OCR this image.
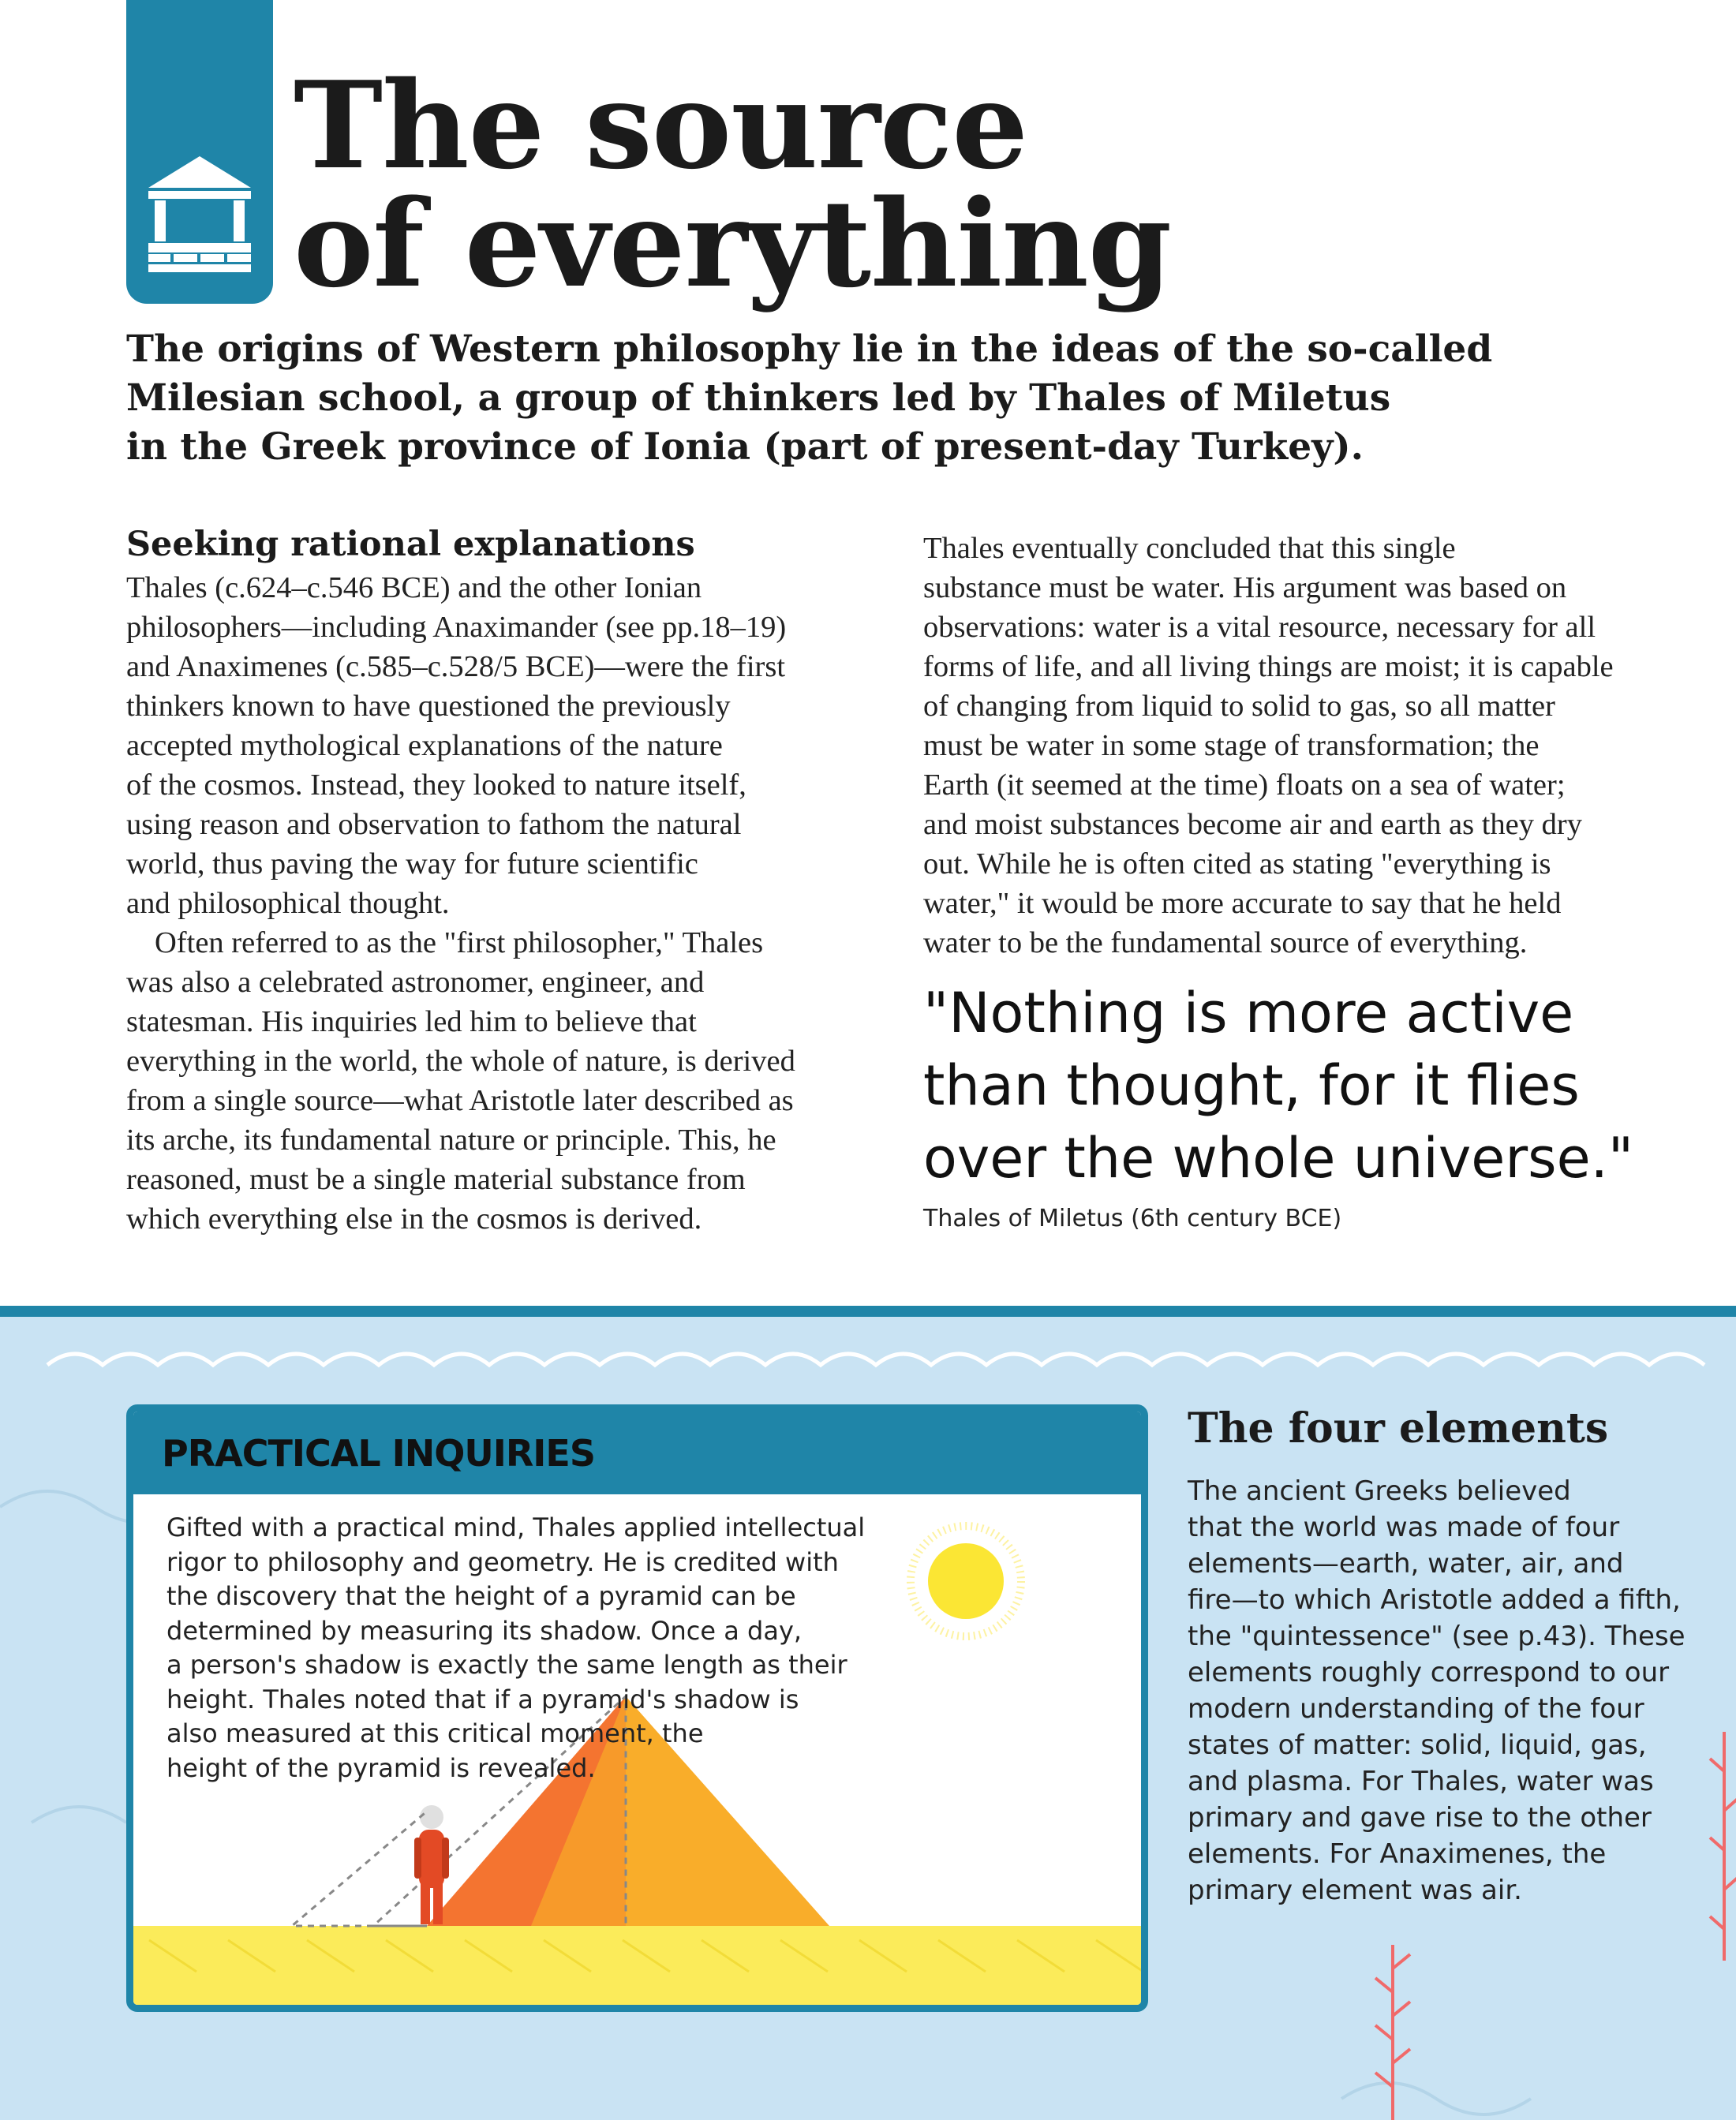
The source
of everything

The origins of Western philosophy lie in the ideas of the so-called
Milesian school, a group of thinkers led by Thales of Miletus
in the Greek province of Ionia (part of present-day Turkey).

Seeking rational explanations
Thales (c.624–c.546 BCE) and the other Ionian
philosophers—including Anaximander (see pp.18–19)
and Anaximenes (c.585–c.528/5 BCE)—were the first
thinkers known to have questioned the previously
accepted mythological explanations of the nature
of the cosmos. Instead, they looked to nature itself,
using reason and observation to fathom the natural
world, thus paving the way for future scientific
and philosophical thought.
Often referred to as the "first philosopher," Thales
was also a celebrated astronomer, engineer, and
statesman. His inquiries led him to believe that
everything in the world, the whole of nature, is derived
from a single source—what Aristotle later described as
its arche, its fundamental nature or principle. This, he
reasoned, must be a single material substance from
which everything else in the cosmos is derived.
Thales eventually concluded that this single
substance must be water. His argument was based on
observations: water is a vital resource, necessary for all
forms of life, and all living things are moist; it is capable
of changing from liquid to solid to gas, so all matter
must be water in some stage of transformation; the
Earth (it seemed at the time) floats on a sea of water;
and moist substances become air and earth as they dry
out. While he is often cited as stating "everything is
water," it would be more accurate to say that he held
water to be the fundamental source of everything.
"Nothing is more active
than thought, for it flies
over the whole universe."
Thales of Miletus (6th century BCE)
PRACTICAL INQUIRIES
Gifted with a practical mind, Thales applied intellectual
rigor to philosophy and geometry. He is credited with
the discovery that the height of a pyramid can be
determined by measuring its shadow. Once a day,
a person's shadow is exactly the same length as their
height. Thales noted that if a pyramid's shadow is
also measured at this critical moment, the
height of the pyramid is revealed.
The four elements
The ancient Greeks believed
that the world was made of four
elements—earth, water, air, and
fire—to which Aristotle added a fifth,
the "quintessence" (see p.43). These
elements roughly correspond to our
modern understanding of the four
states of matter: solid, liquid, gas,
and plasma. For Thales, water was
primary and gave rise to the other
elements. For Anaximenes, the
primary element was air.
